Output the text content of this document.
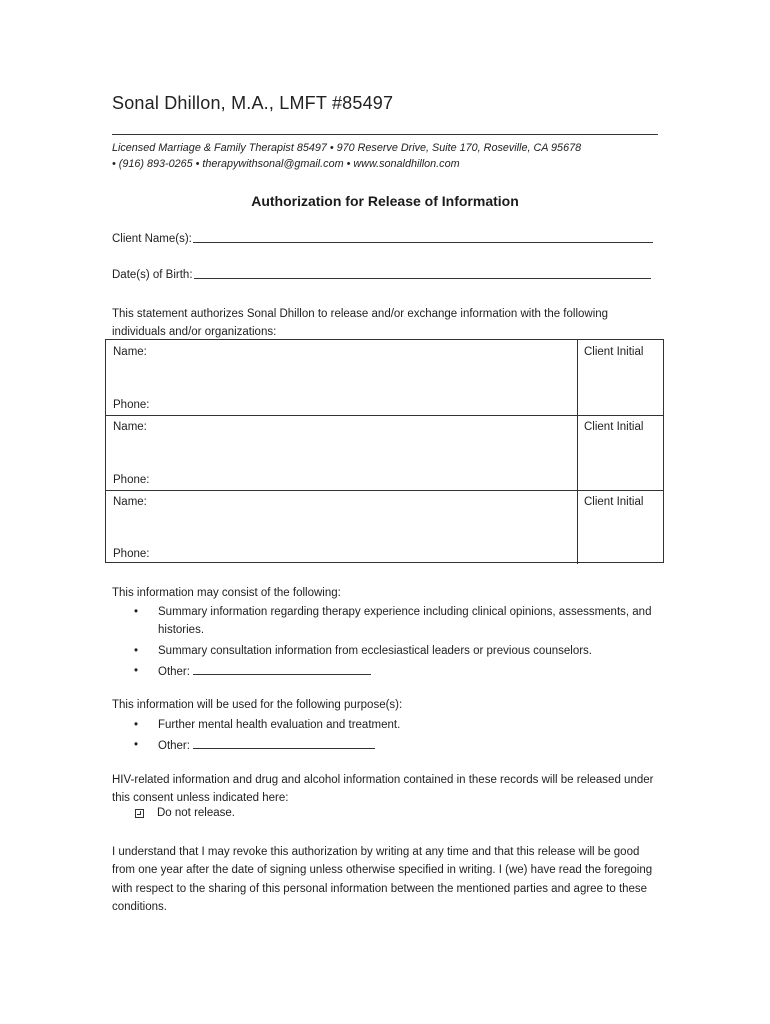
Sonal Dhillon, M.A., LMFT #85497
Licensed Marriage & Family Therapist 85497 • 970 Reserve Drive, Suite 170, Roseville, CA 95678
• (916) 893-0265 • therapywithsonal@gmail.com • www.sonaldhillon.com
Authorization for Release of Information
Client Name(s):
Date(s) of Birth:
This statement authorizes Sonal Dhillon to release and/or exchange information with the following individuals and/or organizations:
Name:
Phone:
Client Initial
Name:
Phone:
Client Initial
Name:
Phone:
Client Initial
This information may consist of the following:
• Summary information regarding therapy experience including clinical opinions, assessments, and histories.
• Summary consultation information from ecclesiastical leaders or previous counselors.
• Other:
This information will be used for the following purpose(s):
• Further mental health evaluation and treatment.
• Other:
HIV-related information and drug and alcohol information contained in these records will be released under this consent unless indicated here:
Do not release.
I understand that I may revoke this authorization by writing at any time and that this release will be good from one year after the date of signing unless otherwise specified in writing. I (we) have read the foregoing with respect to the sharing of this personal information between the mentioned parties and agree to these conditions.
